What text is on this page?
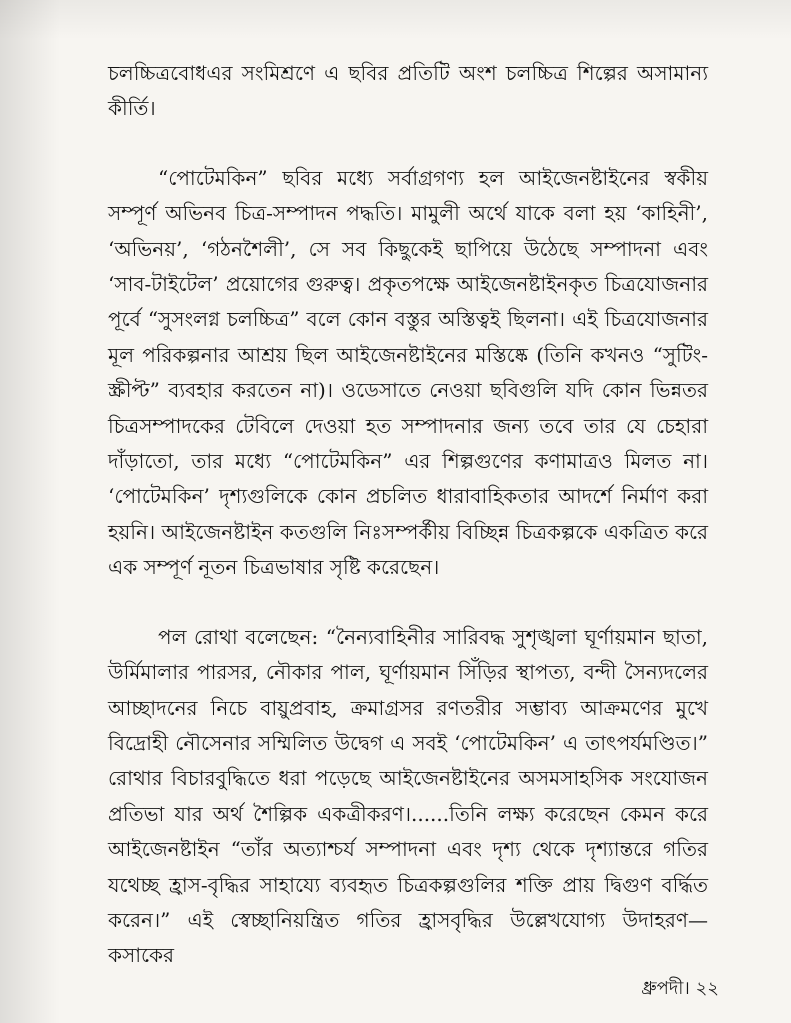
চলচ্চিত্রবোধএর সংমিশ্রণে এ ছবির প্রতিটি অংশ চলচ্চিত্র শিল্পের অসামান্য কীর্তি।

“পোটেমকিন” ছবির মধ্যে সর্বাগ্রগণ্য হল আইজেনষ্টাইনের স্বকীয় সম্পূর্ণ অভিনব চিত্র-সম্পাদন পদ্ধতি। মামুলী অর্থে যাকে বলা হয় ‘কাহিনী’, ‘অভিনয়’, ‘গঠনশৈলী’, সে সব কিছুকেই ছাপিয়ে উঠেছে সম্পাদনা এবং ‘সাব-টাইটেল’ প্রয়োগের গুরুত্ব। প্রকৃতপক্ষে আইজেনষ্টাইনকৃত চিত্রযোজনার পূর্বে “সুসংলগ্ন চলচ্চিত্র” বলে কোন বস্তুর অস্তিত্বই ছিলনা। এই চিত্রযোজনার মূল পরিকল্পনার আশ্রয় ছিল আইজেনষ্টাইনের মস্তিষ্কে (তিনি কখনও “সুটিং-স্ক্রীপ্ট” ব্যবহার করতেন না)। ওডেসাতে নেওয়া ছবিগুলি যদি কোন ভিন্নতর চিত্রসম্পাদকের টেবিলে দেওয়া হত সম্পাদনার জন্য তবে তার যে চেহারা দাঁড়াতো, তার মধ্যে “পোটেমকিন” এর শিল্পগুণের কণামাত্রও মিলত না। ‘পোটেমকিন’ দৃশ্যগুলিকে কোন প্রচলিত ধারাবাহিকতার আদর্শে নির্মাণ করা হয়নি। আইজেনষ্টাইন কতগুলি নিঃসম্পর্কীয় বিচ্ছিন্ন চিত্রকল্পকে একত্রিত করে এক সম্পূর্ণ নূতন চিত্রভাষার সৃষ্টি করেছেন।

পল রোথা বলেছেন: “নৈন্যবাহিনীর সারিবদ্ধ সুশৃঙ্খলা ঘূর্ণায়মান ছাতা, উর্মিমালার পারসর, নৌকার পাল, ঘূর্ণায়মান সিঁড়ির স্থাপত্য, বন্দী সৈন্যদলের আচ্ছাদনের নিচে বায়ুপ্রবাহ, ক্রমাগ্রসর রণতরীর সম্ভাব্য আক্রমণের মুখে বিদ্রোহী নৌসেনার সম্মিলিত উদ্বেগ এ সবই ‘পোটেমকিন’ এ তাৎপর্যমণ্ডিত।” রোথার বিচারবুদ্ধিতে ধরা পড়েছে আইজেনষ্টাইনের অসমসাহসিক সংযোজন প্রতিভা যার অর্থ শৈল্পিক একত্রীকরণ।......তিনি লক্ষ্য করেছেন কেমন করে আইজেনষ্টাইন “তাঁর অত্যাশ্চর্য সম্পাদনা এবং দৃশ্য থেকে দৃশ্যান্তরে গতির যথেচ্ছ হ্রাস-বৃদ্ধির সাহায্যে ব্যবহৃত চিত্রকল্পগুলির শক্তি প্রায় দ্বিগুণ বর্দ্ধিত করেন।” এই স্বেচ্ছানিয়ন্ত্রিত গতির হ্রাসবৃদ্ধির উল্লেখযোগ্য উদাহরণ—কসাকের

ধ্রুপদী। ২২
